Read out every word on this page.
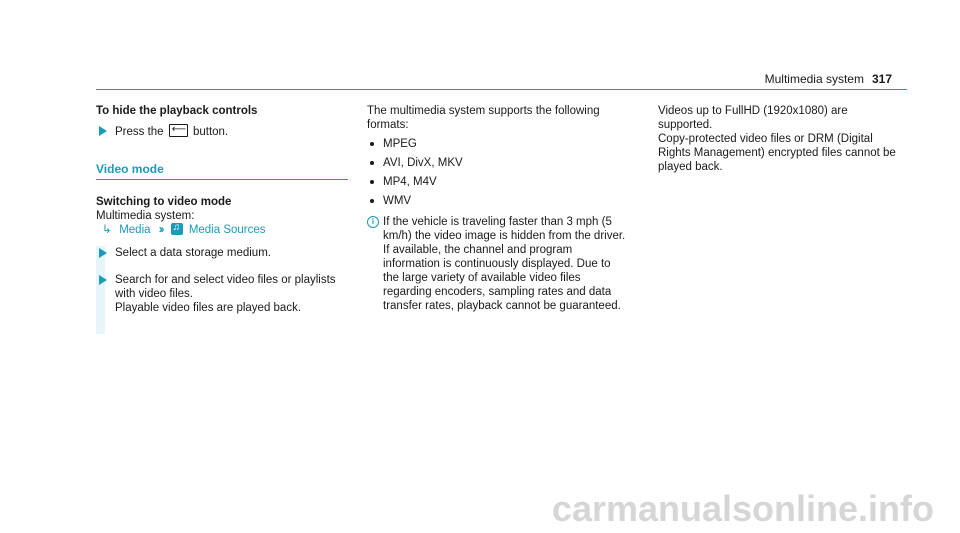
Multimedia system 317
To hide the playback controls
Press the ⟵ button.
Video mode
Switching to video mode
Multimedia system:
↳ Media ›› ♫ Media Sources
Select a data storage medium.
Search for and select video files or playlists with video files.
Playable video files are played back.
The multimedia system supports the following formats:
MPEG
AVI, DivX, MKV
MP4, M4V
WMV
i If the vehicle is traveling faster than 3 mph (5 km/h) the video image is hidden from the driver. If available, the channel and program information is continuously displayed. Due to the large variety of available video files regarding encoders, sampling rates and data transfer rates, playback cannot be guaranteed.
Videos up to FullHD (1920x1080) are supported.
Copy-protected video files or DRM (Digital Rights Management) encrypted files cannot be played back.
carmanualsonline.info
